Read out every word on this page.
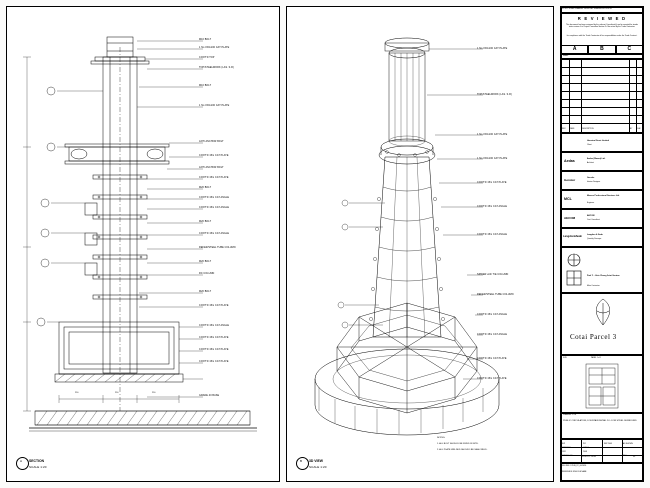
M16 BOLT
1 No 150x100 CAT PLATE
CONT'D TOP
TOP/STEELWORK (LAS. S.R)
M16 BOLT
1 No 150x100 CAT PLATE
ANTI ANCHOR BOLT
CONT'D 15m CAT PLATE
ANTI ANCHOR BOLT
CONT'D 15m CAT PLATE
M20 BOLT
CONT'D 15m CAT ANGLE
CONT'D 15m CAT ANGLE
M20 BOLT
CONT'D 15m CAT ANGLE
REFER/STEEL TUBE COLUMN
M20 BOLT
RC COLUMN
M20 BOLT
CONT'D 15m CAT PLATE
CONT'D 15m CAT ANGLE
CONT'D 15m CAT PLATE
CONT'D 15m CAT PLATE
CONT'D 15m CAT PLATE
GRADE 40 BASE
250	250	250
SECTION
SCALE 1:20
A
1 No 150x100 CAT PLATE
TOP/STEELWORK (LAS. S.R)
1 No 150x100 CAT PLATE
1 No 150x100 CAT PLATE
CONT'D 15m CAT PLATE
CONT'D 15m CAT ANGLE
CONT'D 15m CAT ANGLE
SPIDER with TIE COLUMN
REFER/STEEL TUBE COLUMN
CONT'D 15m CAT ANGLE
CONT'D 15m CAT ANGLE
CONT'D 15m CAT PLATE
CONT'D 15m CAT PLATE
NOTES:
1. ALL BOLT SHOULD BE FIXED IN SITE.
2. ALL PLATE WELDED SHOULD BE SEAL WELD.
3D VIEW
SCALE 1:20
B
DO NOT SCALE DRAWING. VERIFY ALL DIMENSIONS ON SITE
R E V I E W E D
This document has been reviewed by the relevant Consultant(s) and is essential for tender status review. It is Project Procedure Section 5.4 for action by the Trade Contractor.
for compliance with the Trade Contractor of his responsibilities under the Trade Contract.
A	B	C
Date :
REV	DATE	DESCRIPTION	BY	CHK
Hooston Direct Limited
Client
Aedas	Aedas (Macau) Ltd.
Architect
Gensler	Gensler
Interior Designer
MCL
Marcos Professional Services Ltd.
Engineer
AECOM	AECOM
Cost Consultant
Langdon&Seah Langdon & Seah
Quantity Surveyor
Paul Y. - Hsin Chong Joint Venture
Main Contractor
Cotai Parcel 3
SIZE	PANEL 1 of 1
DRAWING TITLE
PUBLIC CIRCULATION, FOUNTAIN DETAIL 24 - FOR STEEL SURROUND
DRAWN
KW
CHECKED
WY
DATE
SEP 2009
SCALE
AS SHOWN
APPROVED
CMY
JOB NO
2008
DRAWING NO.	A-100-DT-0250	REV	01
FILE REF: P-PUB_PC_00/DWG
REFERENCE DWG FILE NAME
